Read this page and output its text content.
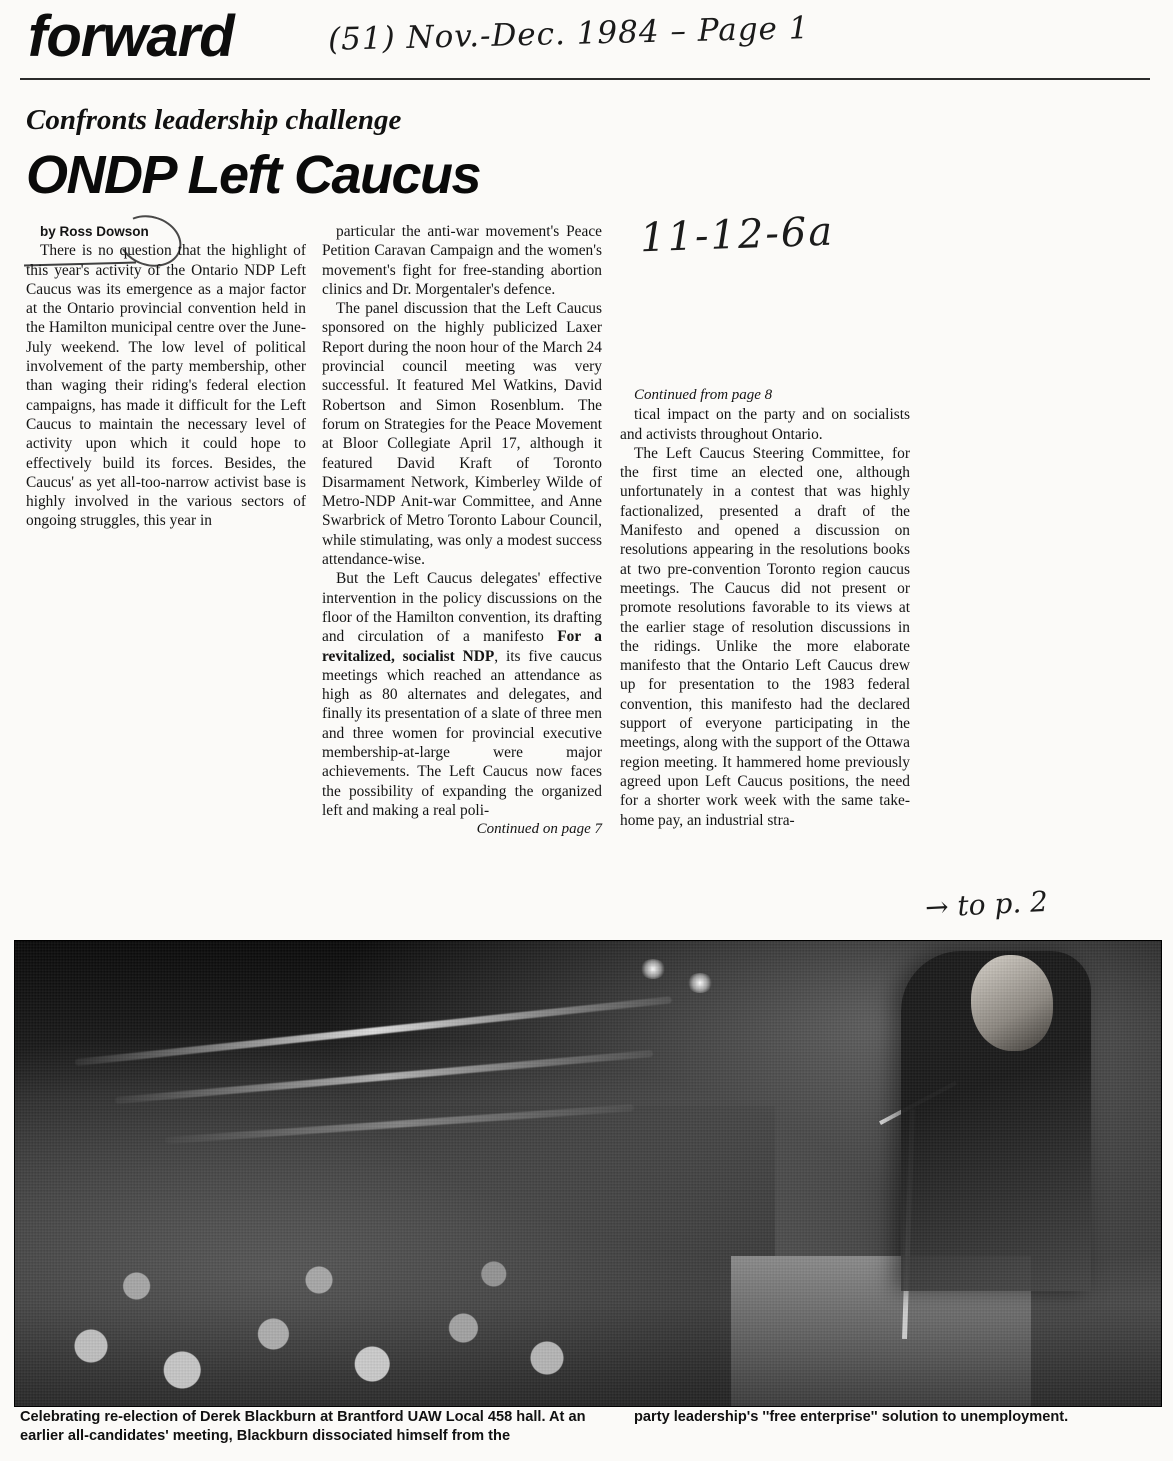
forward	(51) Nov.-Dec. 1984 – Page 1
Confronts leadership challenge
ONDP Left Caucus
11-12-6a
→ to p. 2

by Ross Dowson

There is no question that the highlight of this year's activity of the Ontario NDP Left Caucus was its emergence as a major factor at the Ontario provincial convention held in the Hamilton municipal centre over the June-July weekend. The low level of political involvement of the party membership, other than waging their riding's federal election campaigns, has made it difficult for the Left Caucus to maintain the necessary level of activity upon which it could hope to effectively build its forces. Besides, the Caucus' as yet all-too-narrow activist base is highly involved in the various sectors of ongoing struggles, this year in

particular the anti-war movement's Peace Petition Caravan Campaign and the women's movement's fight for free-standing abortion clinics and Dr. Morgentaler's defence.

The panel discussion that the Left Caucus sponsored on the highly publicized Laxer Report during the noon hour of the March 24 provincial council meeting was very successful. It featured Mel Watkins, David Robertson and Simon Rosenblum. The forum on Strategies for the Peace Movement at Bloor Collegiate April 17, although it featured David Kraft of Toronto Disarmament Network, Kimberley Wilde of Metro-NDP Anit-war Committee, and Anne Swarbrick of Metro Toronto Labour Council, while stimulating, was only a modest success attendance-wise.

But the Left Caucus delegates' effective intervention in the policy discussions on the floor of the Hamilton convention, its drafting and circulation of a manifesto For a revitalized, socialist NDP, its five caucus meetings which reached an attendance as high as 80 alternates and delegates, and finally its presentation of a slate of three men and three women for provincial executive membership-at-large were major achievements. The Left Caucus now faces the possibility of expanding the organized left and making a real poli-

Continued on page 7

Continued from page 8

tical impact on the party and on socialists and activists throughout Ontario.

The Left Caucus Steering Committee, for the first time an elected one, although unfortunately in a contest that was highly factionalized, presented a draft of the Manifesto and opened a discussion on resolutions appearing in the resolutions books at two pre-convention Toronto region caucus meetings. The Caucus did not present or promote resolutions favorable to its views at the earlier stage of resolution discussions in the ridings. Unlike the more elaborate manifesto that the Ontario Left Caucus drew up for presentation to the 1983 federal convention, this manifesto had the declared support of everyone participating in the meetings, along with the support of the Ottawa region meeting. It hammered home previously agreed upon Left Caucus positions, the need for a shorter work week with the same take-home pay, an industrial stra-

Celebrating re-election of Derek Blackburn at Brantford UAW Local 458 hall. At an earlier all-candidates' meeting, Blackburn dissociated himself from the
party leadership's ''free enterprise'' solution to unemployment.
